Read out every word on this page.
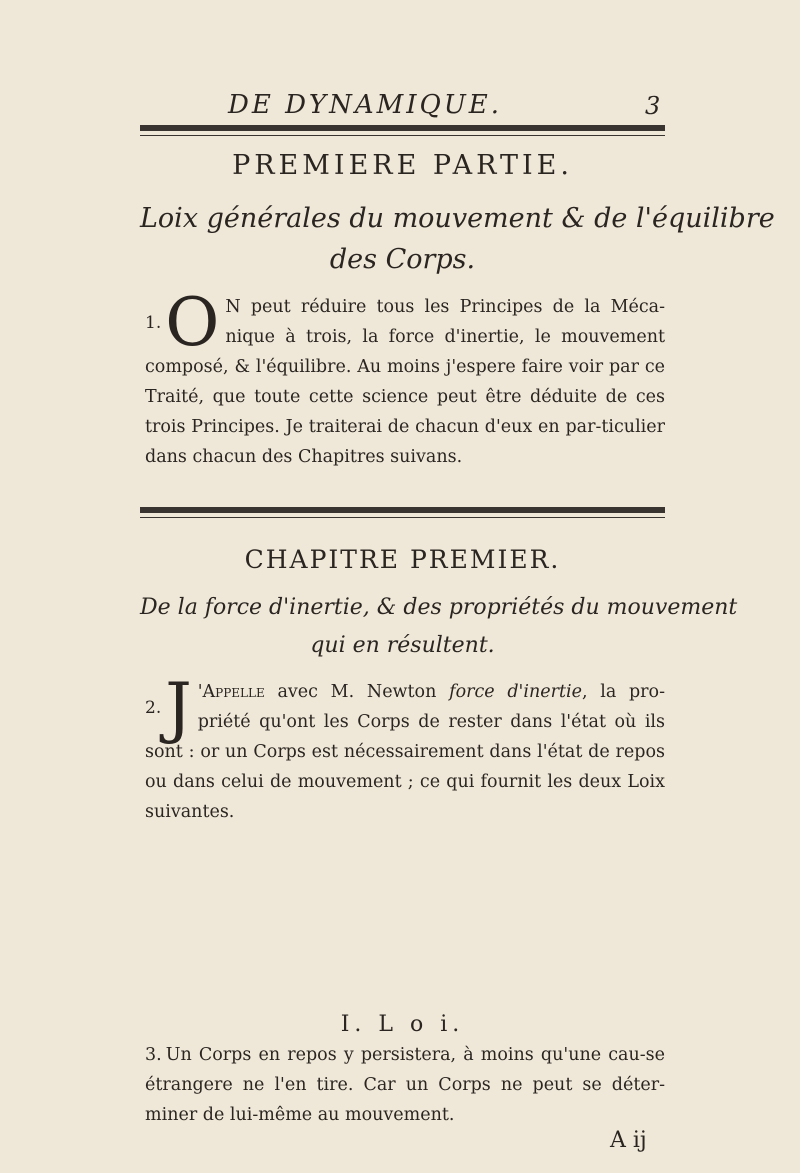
DE DYNAMIQUE.	3
PREMIERE PARTIE.
Loix générales du mouvement & de l'équilibre
des Corps.
$^{1.}$O N peut réduire tous les Principes de la Méca-nique à trois, la force d'inertie, le mouvement composé, & l'équilibre. Au moins j'espere faire voir par ce Traité, que toute cette science peut être déduite de ces trois Principes. Je traiterai de chacun d'eux en par-ticulier dans chacun des Chapitres suivans.
CHAPITRE PREMIER.
De la force d'inertie, & des propriétés du mouvement
qui en résultent.
$^{2.}$J 'Appelle avec M. Newton force d'inertie, la pro-priété qu'ont les Corps de rester dans l'état où ils sont : or un Corps est nécessairement dans l'état de repos ou dans celui de mouvement ; ce qui fournit les deux Loix suivantes.
I. L o i.
3. Un Corps en repos y persistera, à moins qu'une cau-se étrangere ne l'en tire. Car un Corps ne peut se déter-miner de lui-même au mouvement.
A ij
